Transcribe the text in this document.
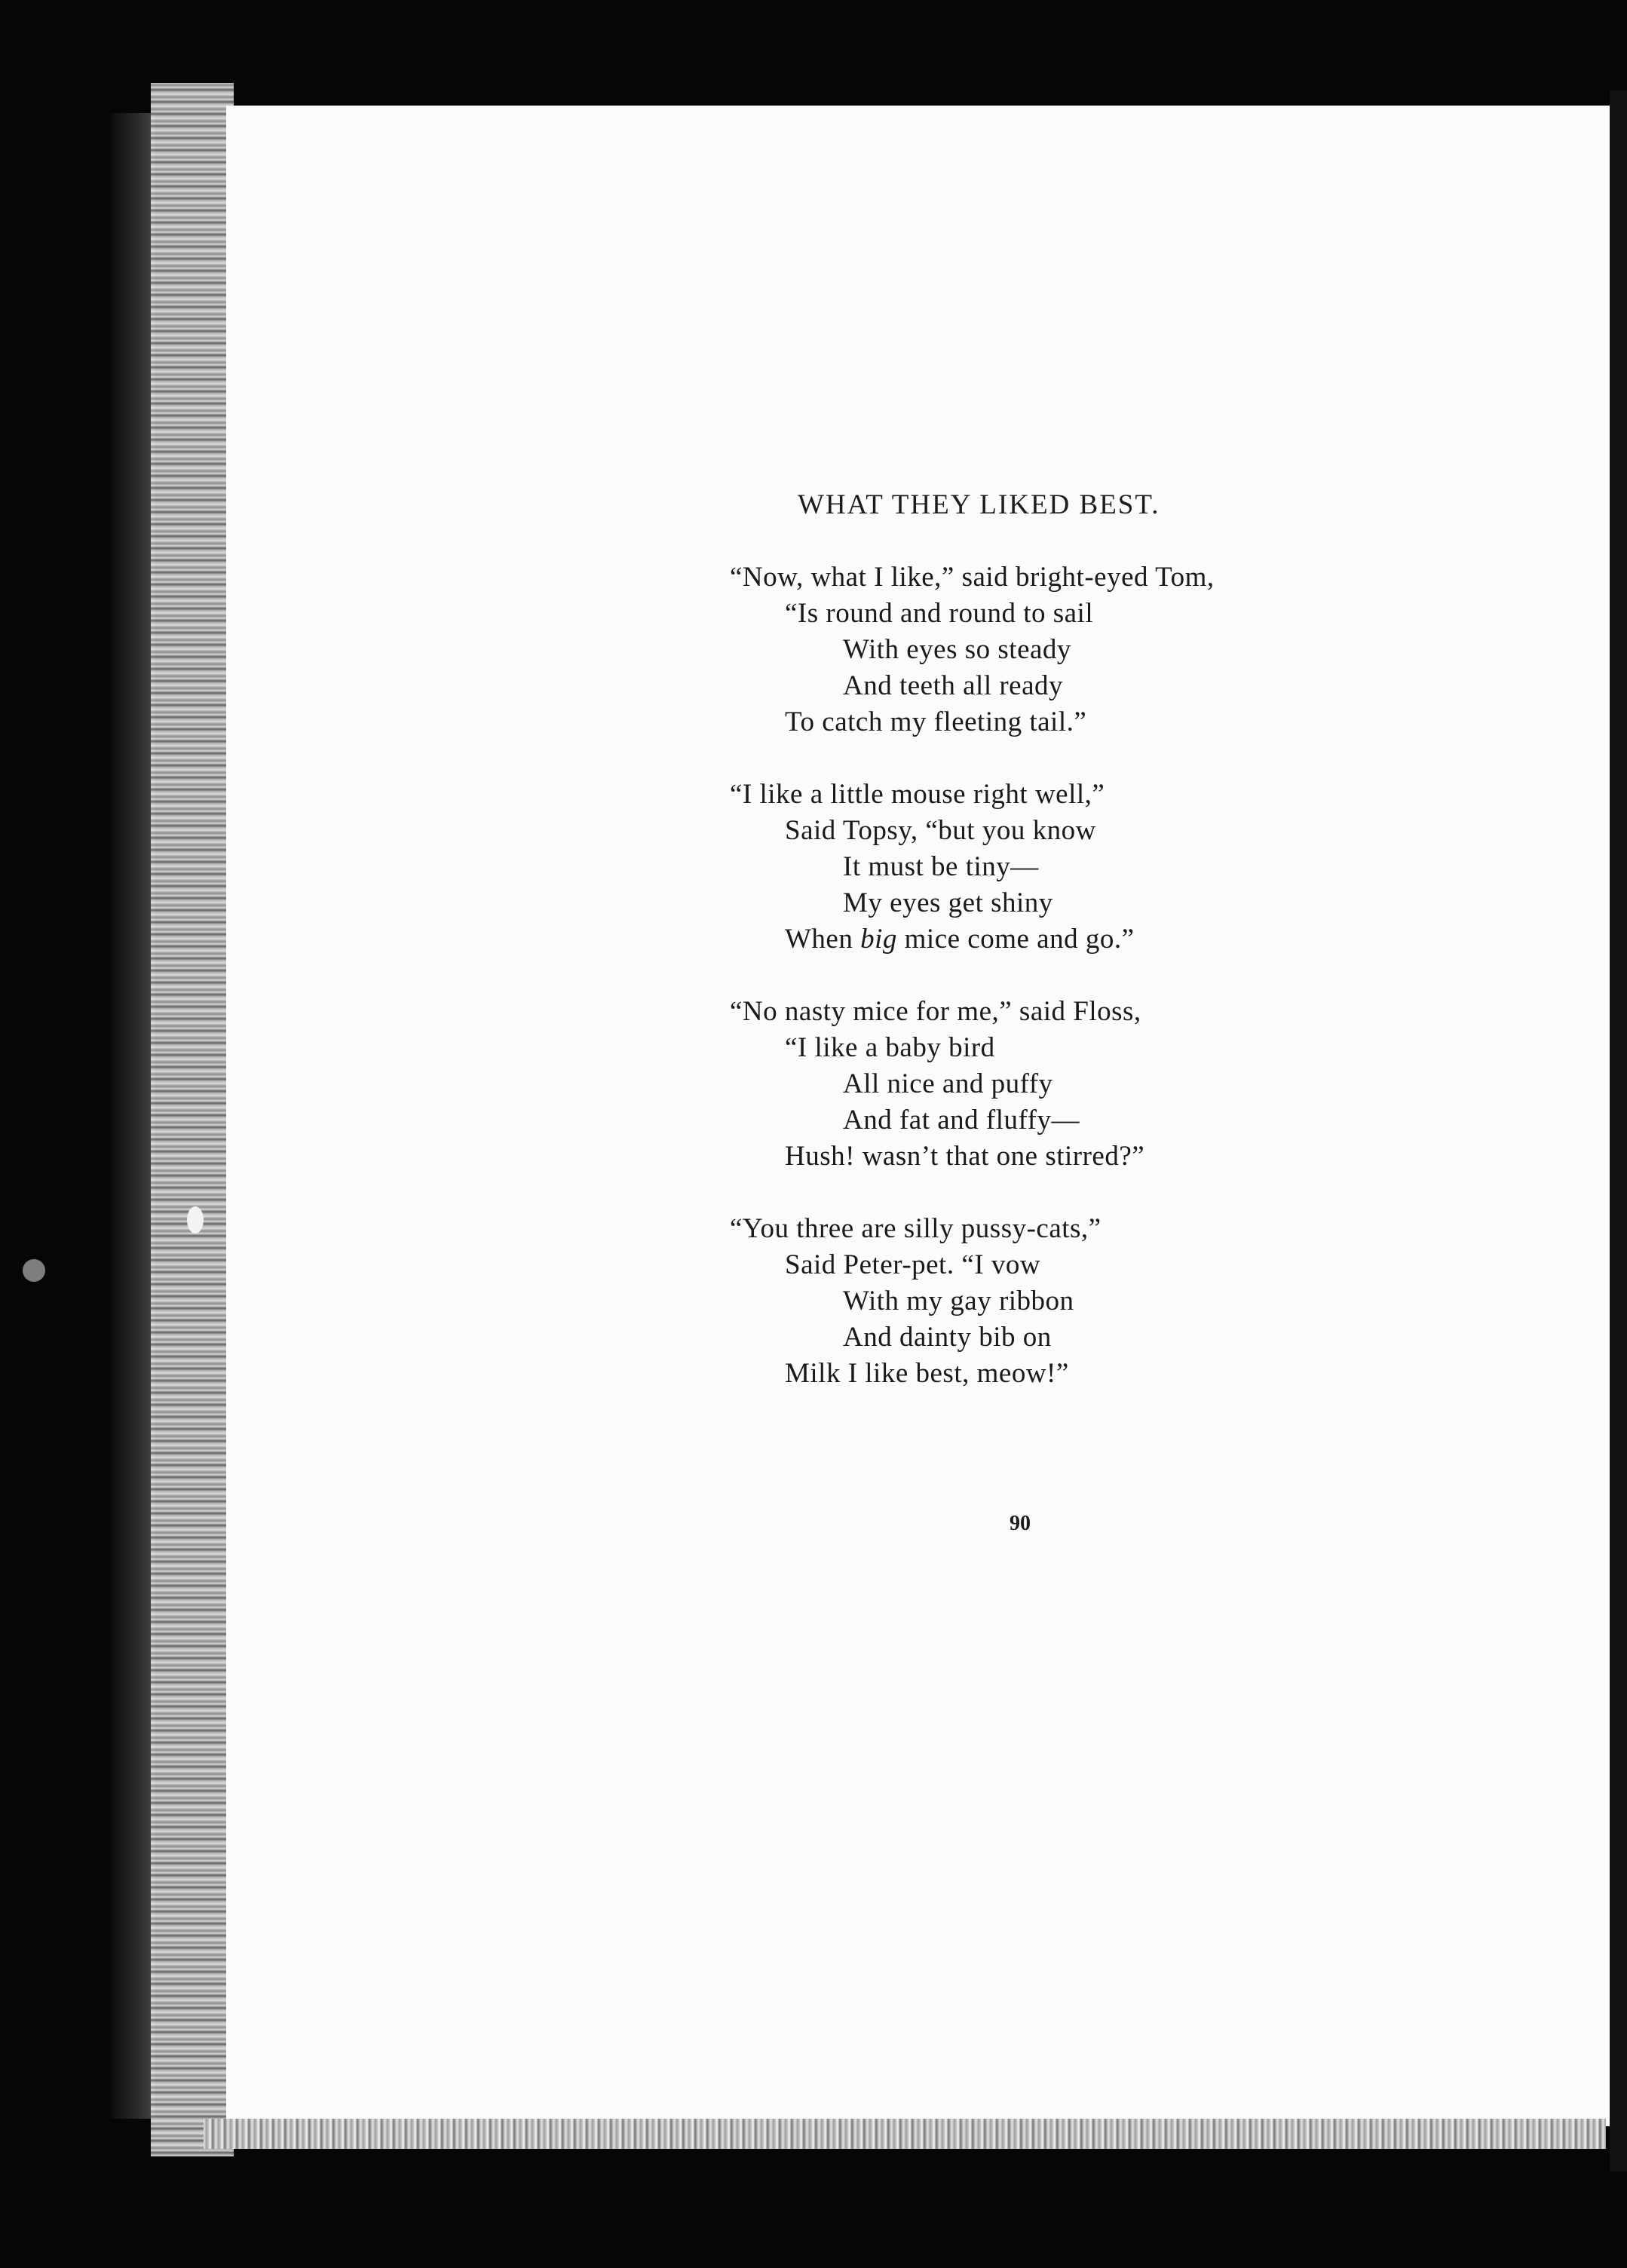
WHAT THEY LIKED BEST.
“Now, what I like,” said bright-eyed Tom,
“Is round and round to sail
With eyes so steady
And teeth all ready
To catch my fleeting tail.”
“I like a little mouse right well,”
Said Topsy, “but you know
It must be tiny—
My eyes get shiny
When big mice come and go.”
“No nasty mice for me,” said Floss,
“I like a baby bird
All nice and puffy
And fat and fluffy—
Hush! wasn’t that one stirred?”
“You three are silly pussy-cats,”
Said Peter-pet. “I vow
With my gay ribbon
And dainty bib on
Milk I like best, meow!”
90
